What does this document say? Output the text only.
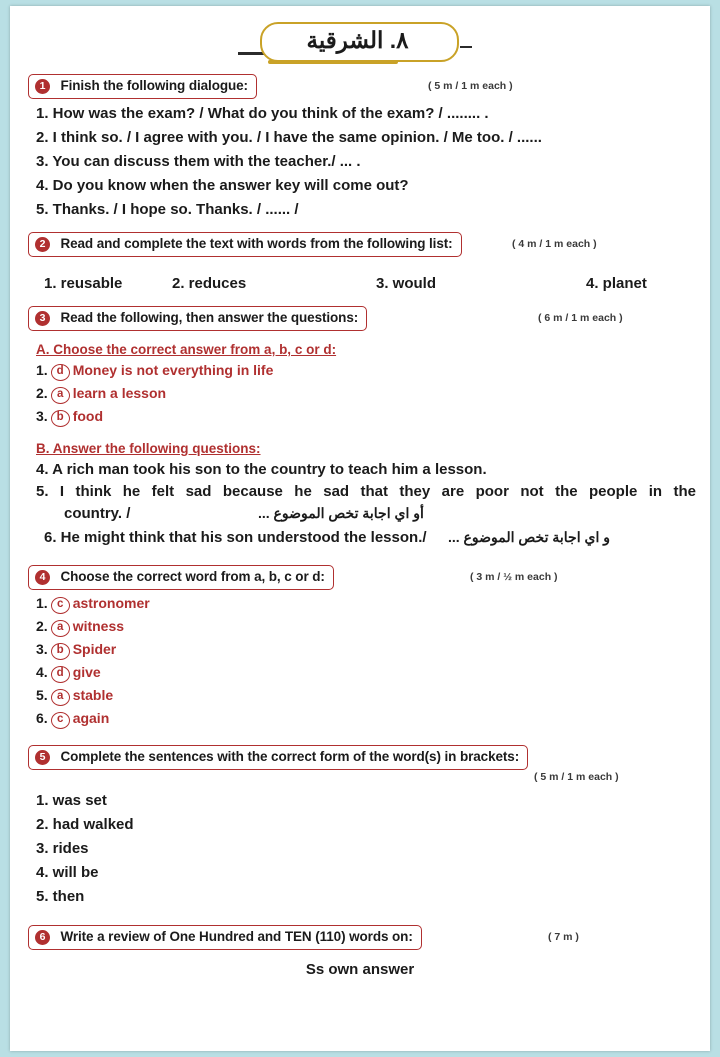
٨. الشرقية
1 Finish the following dialogue:	( 5 m / 1 m each )
1. How was the exam? / What do you think of the exam? / ........ .
2. I think so. / I agree with you. / I have the same opinion. / Me too. / ......
3. You can discuss them with the teacher./ ... .
4. Do you know when the answer key will come out?
5. Thanks. / I hope so. Thanks. / ...... /
2 Read and complete the text with words from the following list:	( 4 m / 1 m each )
1. reusable	2. reduces	3. would	4. planet
3 Read the following, then answer the questions:	( 6 m / 1 m each )
A. Choose the correct answer from a, b, c or d:
1. d Money is not everything in life
2. a learn a lesson
3. b food
B. Answer the following questions:
4. A rich man took his son to the country to teach him a lesson.
5. I think he felt sad because he sad that they are poor not the people in the
country. /	أو اي اجابة تخص الموضوع ...
6. He might think that his son understood the lesson./ و اي اجابة تخص الموضوع ...
4 Choose the correct word from a, b, c or d:	( 3 m / ½ m each )
1. c astronomer
2. a witness
3. b Spider
4. d give
5. a stable
6. c again
5 Complete the sentences with the correct form of the word(s) in brackets:
( 5 m / 1 m each )
1. was set
2. had walked
3. rides
4. will be
5. then
6 Write a review of One Hundred and TEN (110) words on:	( 7 m )
Ss own answer
